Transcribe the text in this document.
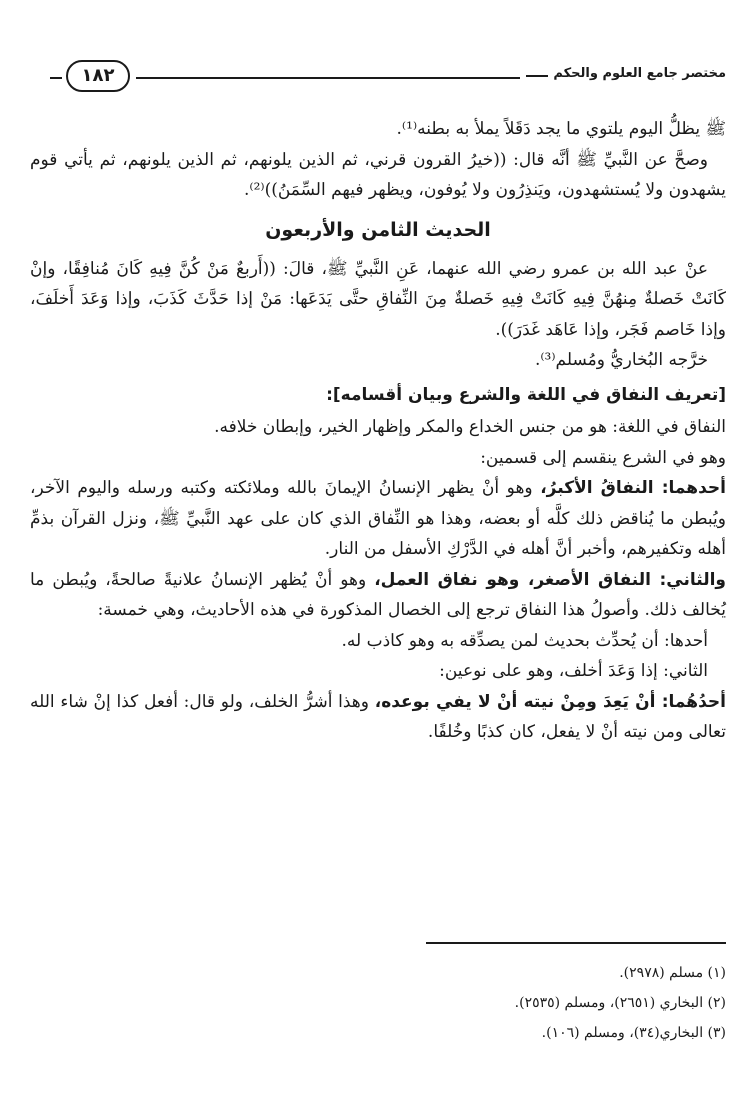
مختصر جامع العلوم والحكم
١٨٢

ﷺ يظلُّ اليوم يلتوي ما يجد دَقَلاً يملأ به بطنه⁽¹⁾.

وصحَّ عن النَّبيِّ ﷺ أنَّه قال: ((خيرُ القرون قرني، ثم الذين يلونهم، ثم الذين يلونهم، ثم يأتي قوم يشهدون ولا يُستشهدون، ويَنذِرُون ولا يُوفون، ويظهر فيهم السِّمَنُ))⁽²⁾.

الحديث الثامن والأربعون

عنْ عبد الله بن عمرو رضي الله عنهما، عَنِ النَّبيِّ ﷺ، قالَ: ((أَربعٌ مَنْ كُنَّ فِيهِ كَانَ مُنافِقًا، وإنْ كَانَتْ خَصلةٌ مِنهُنَّ فِيهِ كَانَتْ فِيهِ خَصلةٌ مِنَ النِّفاقِ حتَّى يَدَعَها: مَنْ إذا حَدَّثَ كَذَبَ، وإذا وَعَدَ أَخلَفَ، وإذا خَاصم فَجَر، وإذا عَاهَد غَدَرَ)).

خرَّجه البُخاريُّ ومُسلم⁽³⁾.

[تعريف النفاق في اللغة والشرع وبيان أقسامه]:

النفاق في اللغة: هو من جنس الخداع والمكر وإظهار الخير، وإبطان خلافه.

وهو في الشرع ينقسم إلى قسمين:

أحدهما: النفاقُ الأكبرُ، وهو أنْ يظهر الإنسانُ الإيمانَ بالله وملائكته وكتبه ورسله واليوم الآخر، ويُبطن ما يُناقض ذلك كلَّه أو بعضه، وهذا هو النِّفاق الذي كان على عهد النَّبيِّ ﷺ، ونزل القرآن بذمِّ أهله وتكفيرهم، وأخبر أنَّ أهله في الدَّرْكِ الأسفل من النار.

والثاني: النفاق الأصغر، وهو نفاق العمل، وهو أنْ يُظهر الإنسانُ علانيةً صالحةً، ويُبطن ما يُخالف ذلك. وأصولُ هذا النفاق ترجع إلى الخصال المذكورة في هذه الأحاديث، وهي خمسة:

أحدها: أن يُحدِّث بحديث لمن يصدِّقه به وهو كاذب له.

الثاني: إذا وَعَدَ أخلف، وهو على نوعين:

أحدُهُما: أنْ يَعِدَ ومِنْ نيته أنْ لا يفي بوعده، وهذا أشرُّ الخلف، ولو قال: أفعل كذا إنْ شاء الله تعالى ومن نيته أنْ لا يفعل، كان كذبًا وخُلفًا.

(١) مسلم (٢٩٧٨).

(٢) البخاري (٢٦٥١)، ومسلم (٢٥٣٥).

(٣) البخاري(٣٤)، ومسلم (١٠٦).
